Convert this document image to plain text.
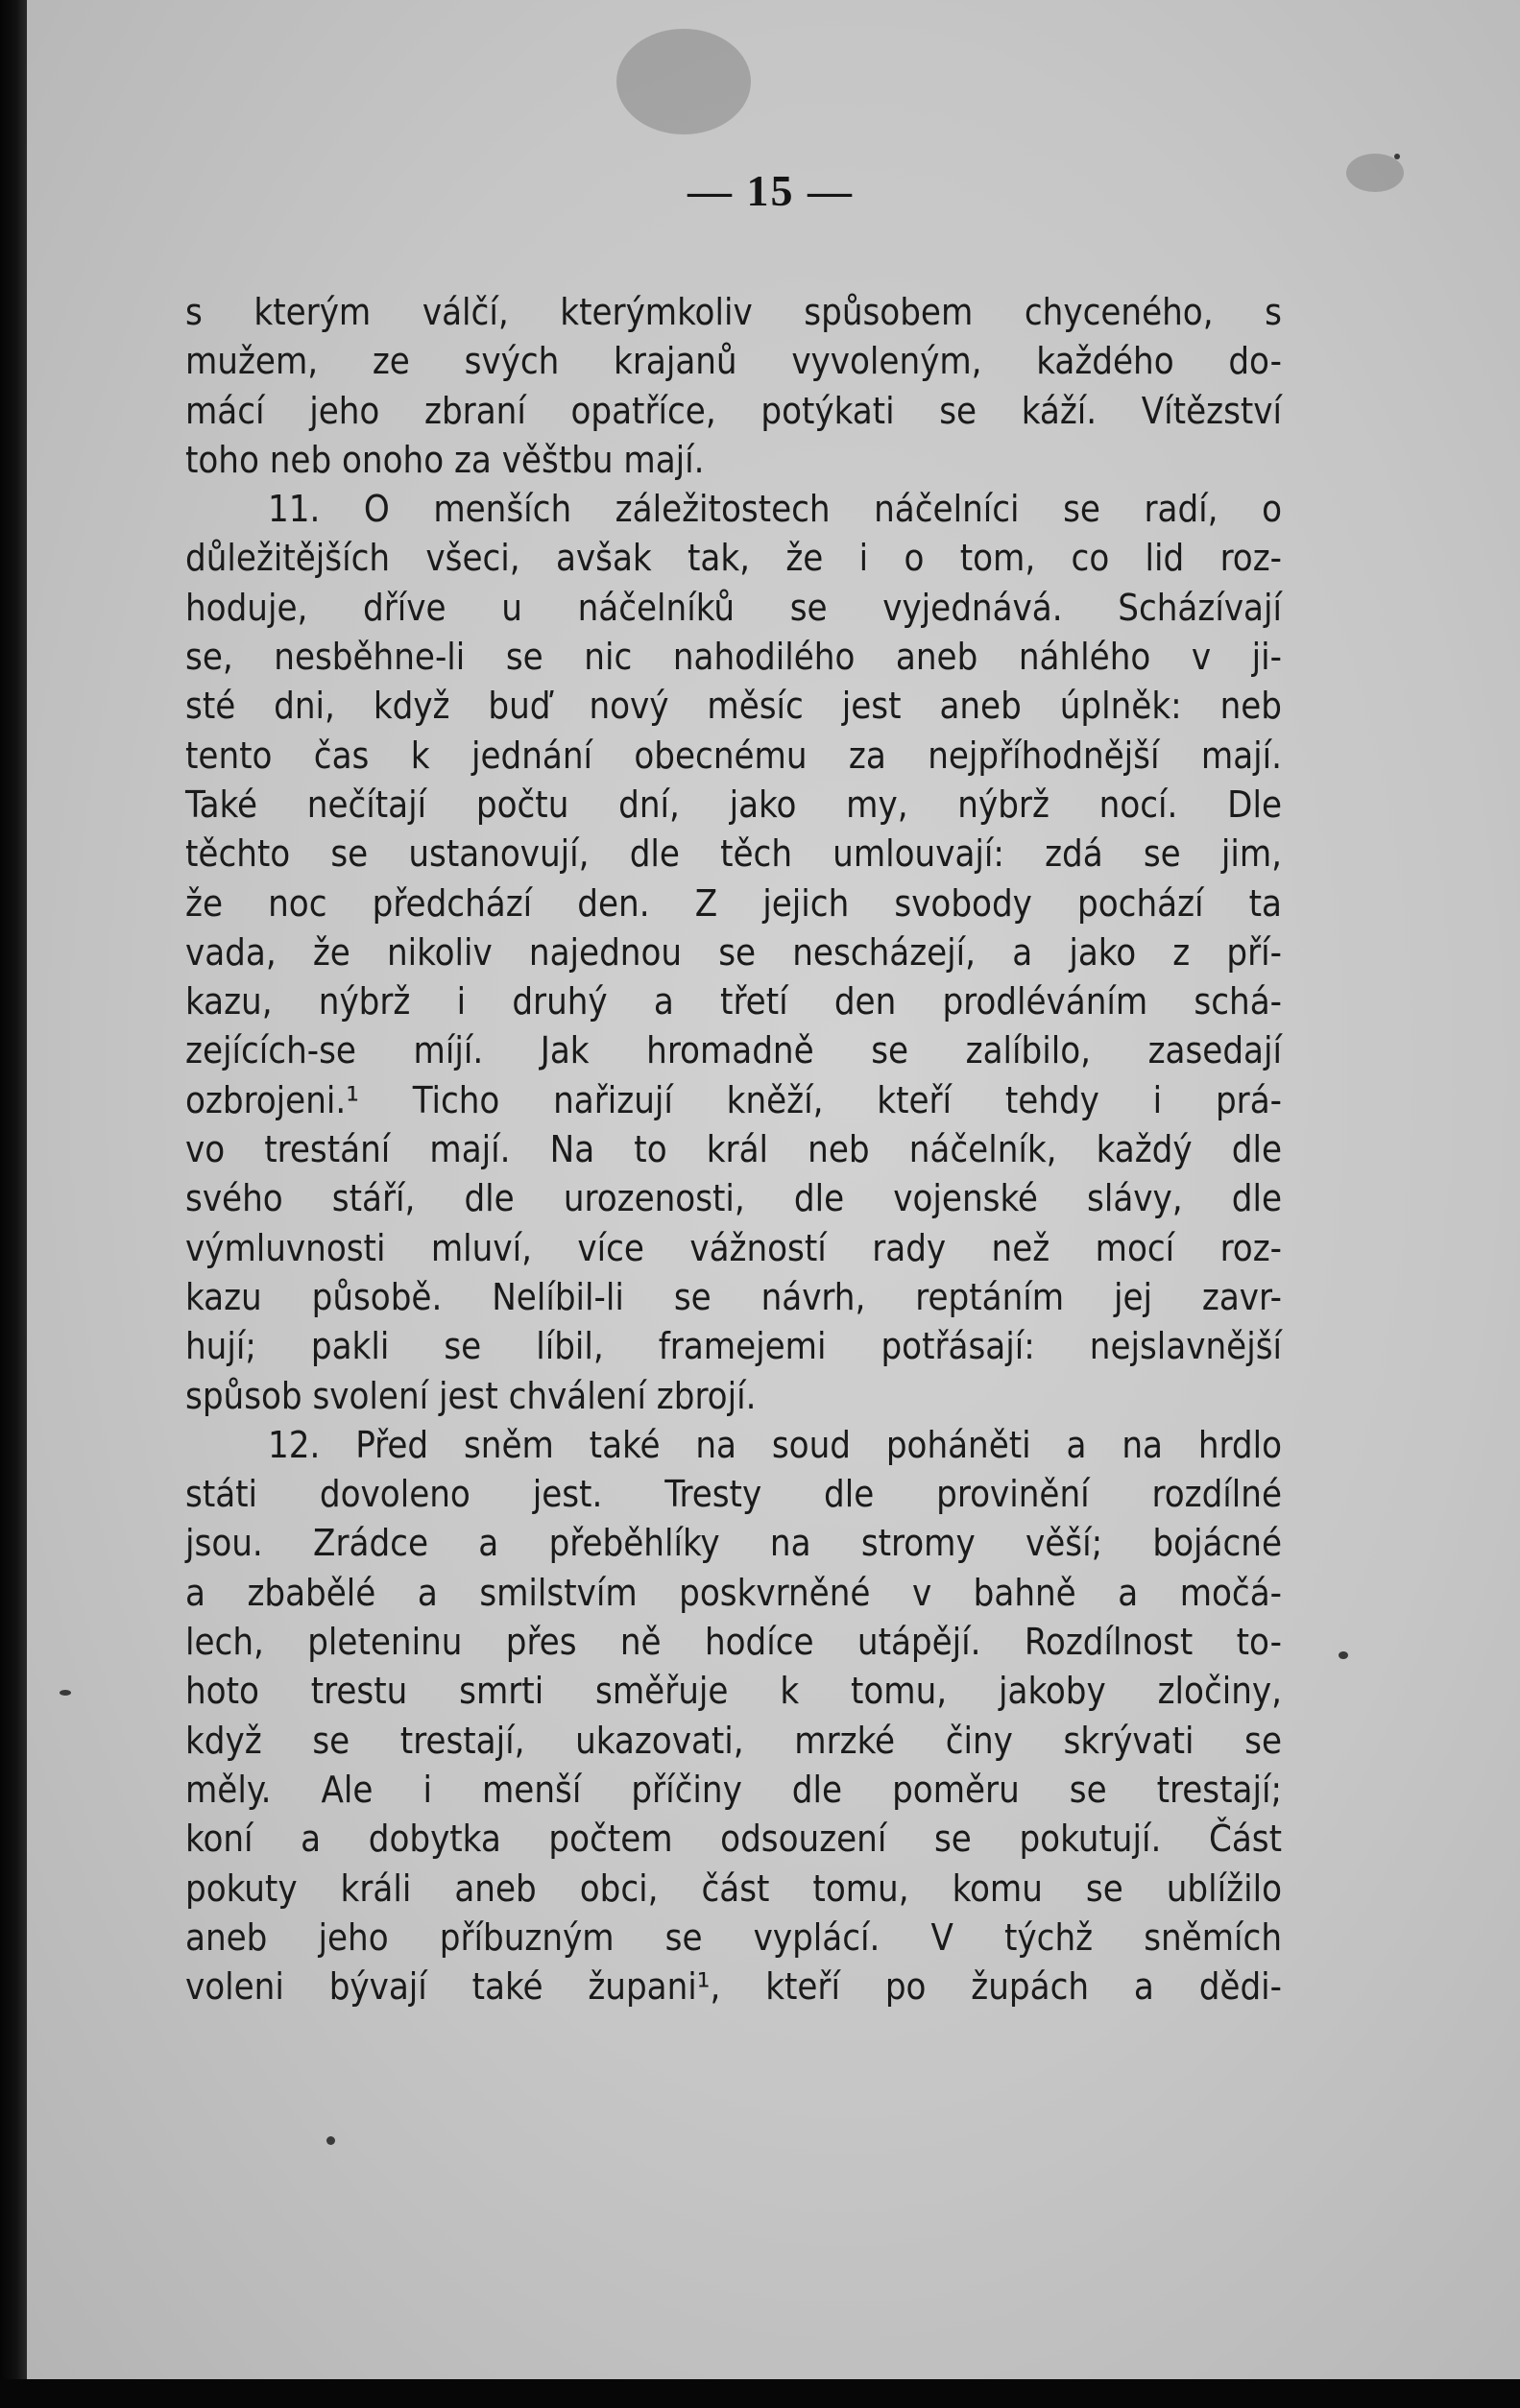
— 15 —
s kterým válčí, kterýmkoliv spůsobem chyceného, s
mužem, ze svých krajanů vyvoleným, každého do-
mácí jeho zbraní opatříce, potýkati se káží. Vítězství
toho neb onoho za věštbu mají.
11. O menších záležitostech náčelníci se radí, o
důležitějších všeci, avšak tak, že i o tom, co lid roz-
hoduje, dříve u náčelníků se vyjednává. Scházívají
se, nesběhne-li se nic nahodilého aneb náhlého v ji-
sté dni, když buď nový měsíc jest aneb úplněk: neb
tento čas k jednání obecnému za nejpříhodnější mají.
Také nečítají počtu dní, jako my, nýbrž nocí. Dle
těchto se ustanovují, dle těch umlouvají: zdá se jim,
že noc předchází den. Z jejich svobody pochází ta
vada, že nikoliv najednou se nescházejí, a jako z pří-
kazu, nýbrž i druhý a třetí den prodléváním schá-
zejících-se míjí. Jak hromadně se zalíbilo, zasedají
ozbrojeni.¹ Ticho nařizují kněží, kteří tehdy i prá-
vo trestání mají. Na to král neb náčelník, každý dle
svého stáří, dle urozenosti, dle vojenské slávy, dle
výmluvnosti mluví, více vážností rady než mocí roz-
kazu působě. Nelíbil-li se návrh, reptáním jej zavr-
hují; pakli se líbil, framejemi potřásají: nejslavnější
spůsob svolení jest chválení zbrojí.
12. Před sněm také na soud poháněti a na hrdlo
státi dovoleno jest. Tresty dle provinění rozdílné
jsou. Zrádce a přeběhlíky na stromy věší; bojácné
a zbabělé a smilstvím poskvrněné v bahně a močá-
lech, pleteninu přes ně hodíce utápějí. Rozdílnost to-
hoto trestu smrti směřuje k tomu, jakoby zločiny,
když se trestají, ukazovati, mrzké činy skrývati se
měly. Ale i menší příčiny dle poměru se trestají;
koní a dobytka počtem odsouzení se pokutují. Část
pokuty králi aneb obci, část tomu, komu se ublížilo
aneb jeho příbuzným se vyplácí. V týchž sněmích
voleni bývají také župani¹, kteří po župách a dědi-
